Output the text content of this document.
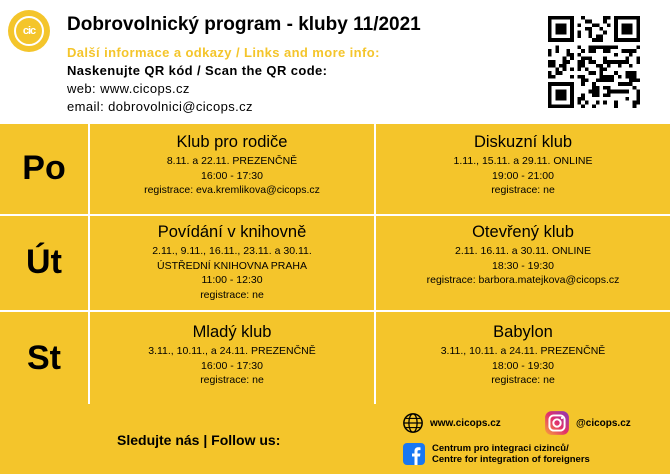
cic	Dobrovolnický program - kluby 11/2021
Další informace a odkazy / Links and more info:
Naskenujte QR kód / Scan the QR code:
web: www.cicops.cz
email: dobrovolnici@cicops.cz
Po
Út
St
Klub pro rodiče
8.11. a 22.11. PREZENČNĚ
16:00 - 17:30
registrace: eva.kremlikova@cicops.cz
Diskuzní klub
1.11., 15.11. a 29.11. ONLINE
19:00 - 21:00
registrace: ne
Povídání v knihovně
2.11., 9.11., 16.11., 23.11. a 30.11.
ÚSTŘEDNÍ KNIHOVNA PRAHA
11:00 - 12:30
registrace: ne
Otevřený klub
2.11. 16.11. a 30.11. ONLINE
18:30 - 19:30
registrace: barbora.matejkova@cicops.cz
Mladý klub
3.11., 10.11., a 24.11. PREZENČNĚ
16:00 - 17:30
registrace: ne
Babylon
3.11., 10.11. a 24.11. PREZENČNĚ
18:00 - 19:30
registrace: ne
Sledujte nás | Follow us:
www.cicops.cz	@cicops.cz
Centrum pro integraci cizinců/
Centre for integration of foreigners
